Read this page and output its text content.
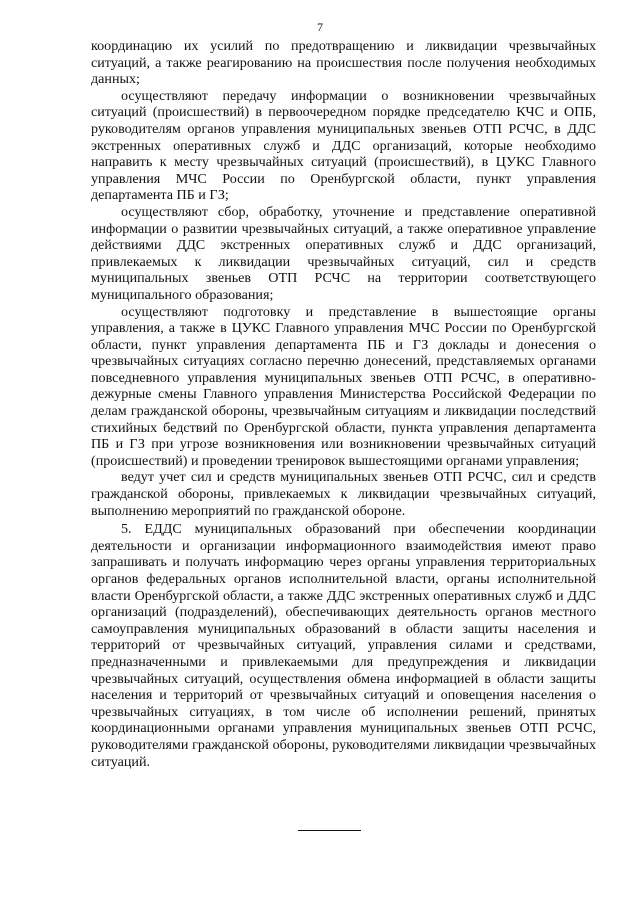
7

координацию их усилий по предотвращению и ликвидации чрезвычайных ситуаций, а также реагированию на происшествия после получения необходимых данных;

осуществляют передачу информации о возникновении чрезвычайных ситуаций (происшествий) в первоочередном порядке председателю КЧС и ОПБ, руководителям органов управления муниципальных звеньев ОТП РСЧС, в ДДС экстренных оперативных служб и ДДС организаций, которые необходимо направить к месту чрезвычайных ситуаций (происшествий), в ЦУКС Главного управления МЧС России по Оренбургской области, пункт управления департамента ПБ и ГЗ;

осуществляют сбор, обработку, уточнение и представление оперативной информации о развитии чрезвычайных ситуаций, а также оперативное управление действиями ДДС экстренных оперативных служб и ДДС организаций, привлекаемых к ликвидации чрезвычайных ситуаций, сил и средств муниципальных звеньев ОТП РСЧС на территории соответствующего муниципального образования;

осуществляют подготовку и представление в вышестоящие органы управления, а также в ЦУКС Главного управления МЧС России по Оренбургской области, пункт управления департамента ПБ и ГЗ доклады и донесения о чрезвычайных ситуациях согласно перечню донесений, представляемых органами повседневного управления муниципальных звеньев ОТП РСЧС, в оперативно-дежурные смены Главного управления Министерства Российской Федерации по делам гражданской обороны, чрезвычайным ситуациям и ликвидации последствий стихийных бедствий по Оренбургской области, пункта управления департамента ПБ и ГЗ при угрозе возникновения или возникновении чрезвычайных ситуаций (происшествий) и проведении тренировок вышестоящими органами управления;

ведут учет сил и средств муниципальных звеньев ОТП РСЧС, сил и средств гражданской обороны, привлекаемых к ликвидации чрезвычайных ситуаций, выполнению мероприятий по гражданской обороне.

5. ЕДДС муниципальных образований при обеспечении координации деятельности и организации информационного взаимодействия имеют право запрашивать и получать информацию через органы управления территориальных органов федеральных органов исполнительной власти, органы исполнительной власти Оренбургской области, а также ДДС экстренных оперативных служб и ДДС организаций (подразделений), обеспечивающих деятельность органов местного самоуправления муниципальных образований в области защиты населения и территорий от чрезвычайных ситуаций, управления силами и средствами, предназначенными и привлекаемыми для предупреждения и ликвидации чрезвычайных ситуаций, осуществления обмена информацией в области защиты населения и территорий от чрезвычайных ситуаций и оповещения населения о чрезвычайных ситуациях, в том числе об исполнении решений, принятых координационными органами управления муниципальных звеньев ОТП РСЧС, руководителями гражданской обороны, руководителями ликвидации чрезвычайных ситуаций.
